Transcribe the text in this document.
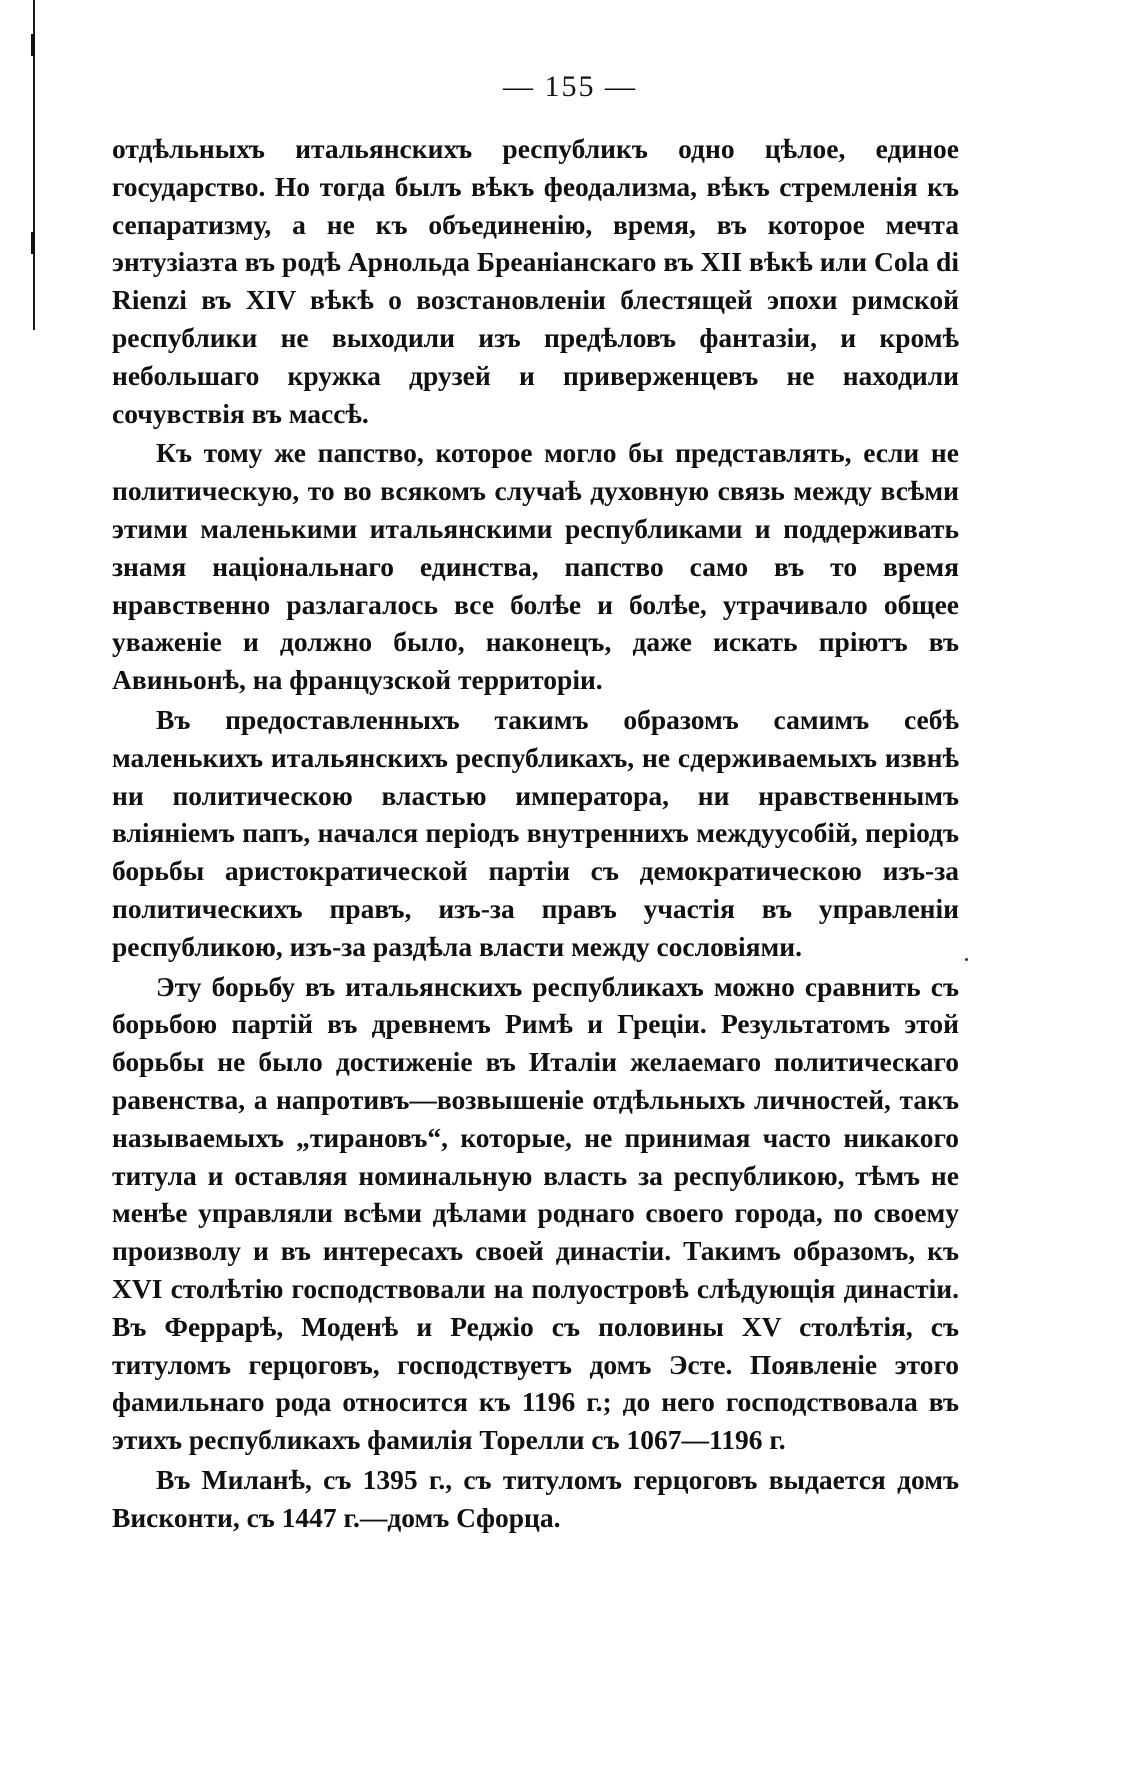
— 155 —

отдѣльныхъ итальянскихъ республикъ одно цѣлое, единое государство. Но тогда былъ вѣкъ феодализма, вѣкъ стремленія къ сепаратизму, а не къ объединенію, время, въ которое мечта энтузіазта въ родѣ Арнольда Бреаніанскаго въ XII вѣкѣ или Cola di Rienzi въ XIV вѣкѣ о возстановленіи блестящей эпохи римской республики не выходили изъ предѣловъ фантазіи, и кромѣ небольшаго кружка друзей и приверженцевъ не находили сочувствія въ массѣ.

Къ тому же папство, которое могло бы представлять, если не политическую, то во всякомъ случаѣ духовную связь между всѣми этими маленькими итальянскими республиками и поддерживать знамя національнаго единства, папство само въ то время нравственно разлагалось все болѣе и болѣе, утрачивало общее уваженіе и должно было, наконецъ, даже искать пріютъ въ Авиньонѣ, на французской территоріи.

Въ предоставленныхъ такимъ образомъ самимъ себѣ маленькихъ итальянскихъ республикахъ, не сдерживаемыхъ извнѣ ни политическою властью императора, ни нравственнымъ вліяніемъ папъ, начался періодъ внутреннихъ междуусобій, періодъ борьбы аристократической партіи съ демократическою изъ-за политическихъ правъ, изъ-за правъ участія въ управленіи республикою, изъ-за раздѣла власти между сословіями.

Эту борьбу въ итальянскихъ республикахъ можно сравнить съ борьбою партій въ древнемъ Римѣ и Греціи. Результатомъ этой борьбы не было достиженіе въ Италіи желаемаго политическаго равенства, а напротивъ—возвышеніе отдѣльныхъ личностей, такъ называемыхъ „тирановъ“, которые, не принимая часто никакого титула и оставляя номинальную власть за республикою, тѣмъ не менѣе управляли всѣми дѣлами роднаго своего города, по своему произволу и въ интересахъ своей династіи. Такимъ образомъ, къ XVI столѣтію господствовали на полуостровѣ слѣдующія династіи. Въ Феррарѣ, Моденѣ и Реджіо съ половины XV столѣтія, съ титуломъ герцоговъ, господствуетъ домъ Эсте. Появленіе этого фамильнаго рода относится къ 1196 г.; до него господствовала въ этихъ республикахъ фамилія Торелли съ 1067—1196 г.

Въ Миланѣ, съ 1395 г., съ титуломъ герцоговъ выдается домъ Висконти, съ 1447 г.—домъ Сфорца.
